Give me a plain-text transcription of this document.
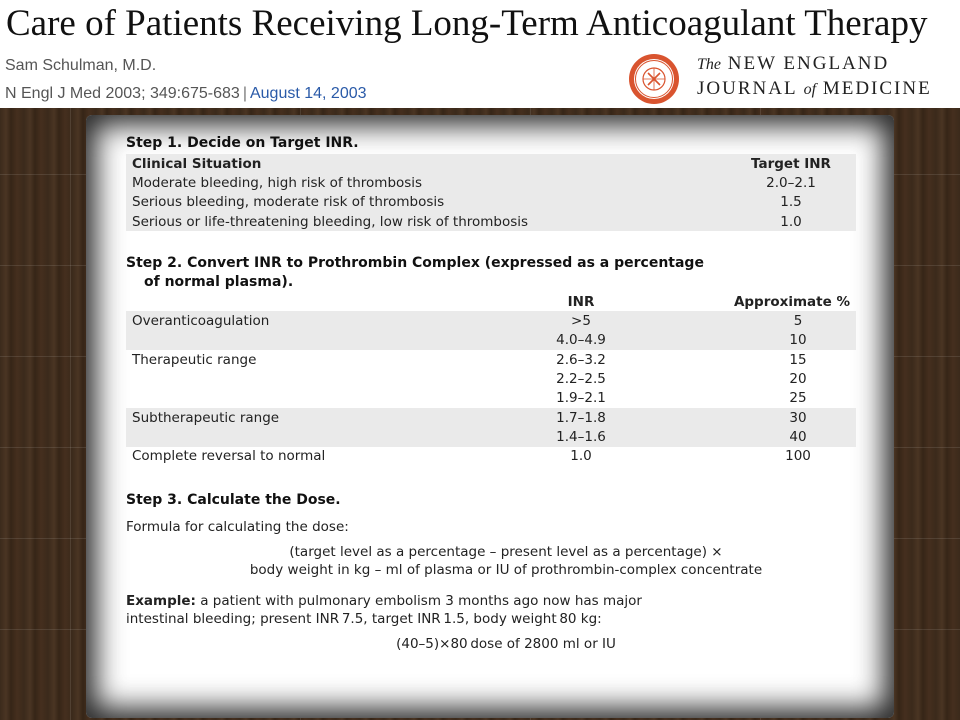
Care of Patients Receiving Long-Term Anticoagulant Therapy
Sam Schulman, M.D.
N Engl J Med 2003; 349:675-683 | August 14, 2003
The NEW ENGLAND
JOURNAL of MEDICINE
Step 1. Decide on Target INR.
Clinical Situation	Target INR
Moderate bleeding, high risk of thrombosis	2.0–2.1
Serious bleeding, moderate risk of thrombosis	1.5
Serious or life-threatening bleeding, low risk of thrombosis	1.0
Step 2. Convert INR to Prothrombin Complex (expressed as a percentage
of normal plasma).
	INR	Approximate %
Overanticoagulation	>5	5
	4.0–4.9	10
Therapeutic range	2.6–3.2	15
	2.2–2.5	20
	1.9–2.1	25
Subtherapeutic range	1.7–1.8	30
	1.4–1.6	40
Complete reversal to normal	1.0	100
Step 3. Calculate the Dose.
Formula for calculating the dose:
(target level as a percentage – present level as a percentage) ×
body weight in kg – ml of plasma or IU of prothrombin-complex concentrate
Example: a patient with pulmonary embolism 3 months ago now has major
intestinal bleeding; present INR 7.5, target INR 1.5, body weight 80 kg:
(40–5)×80 dose of 2800 ml or IU
